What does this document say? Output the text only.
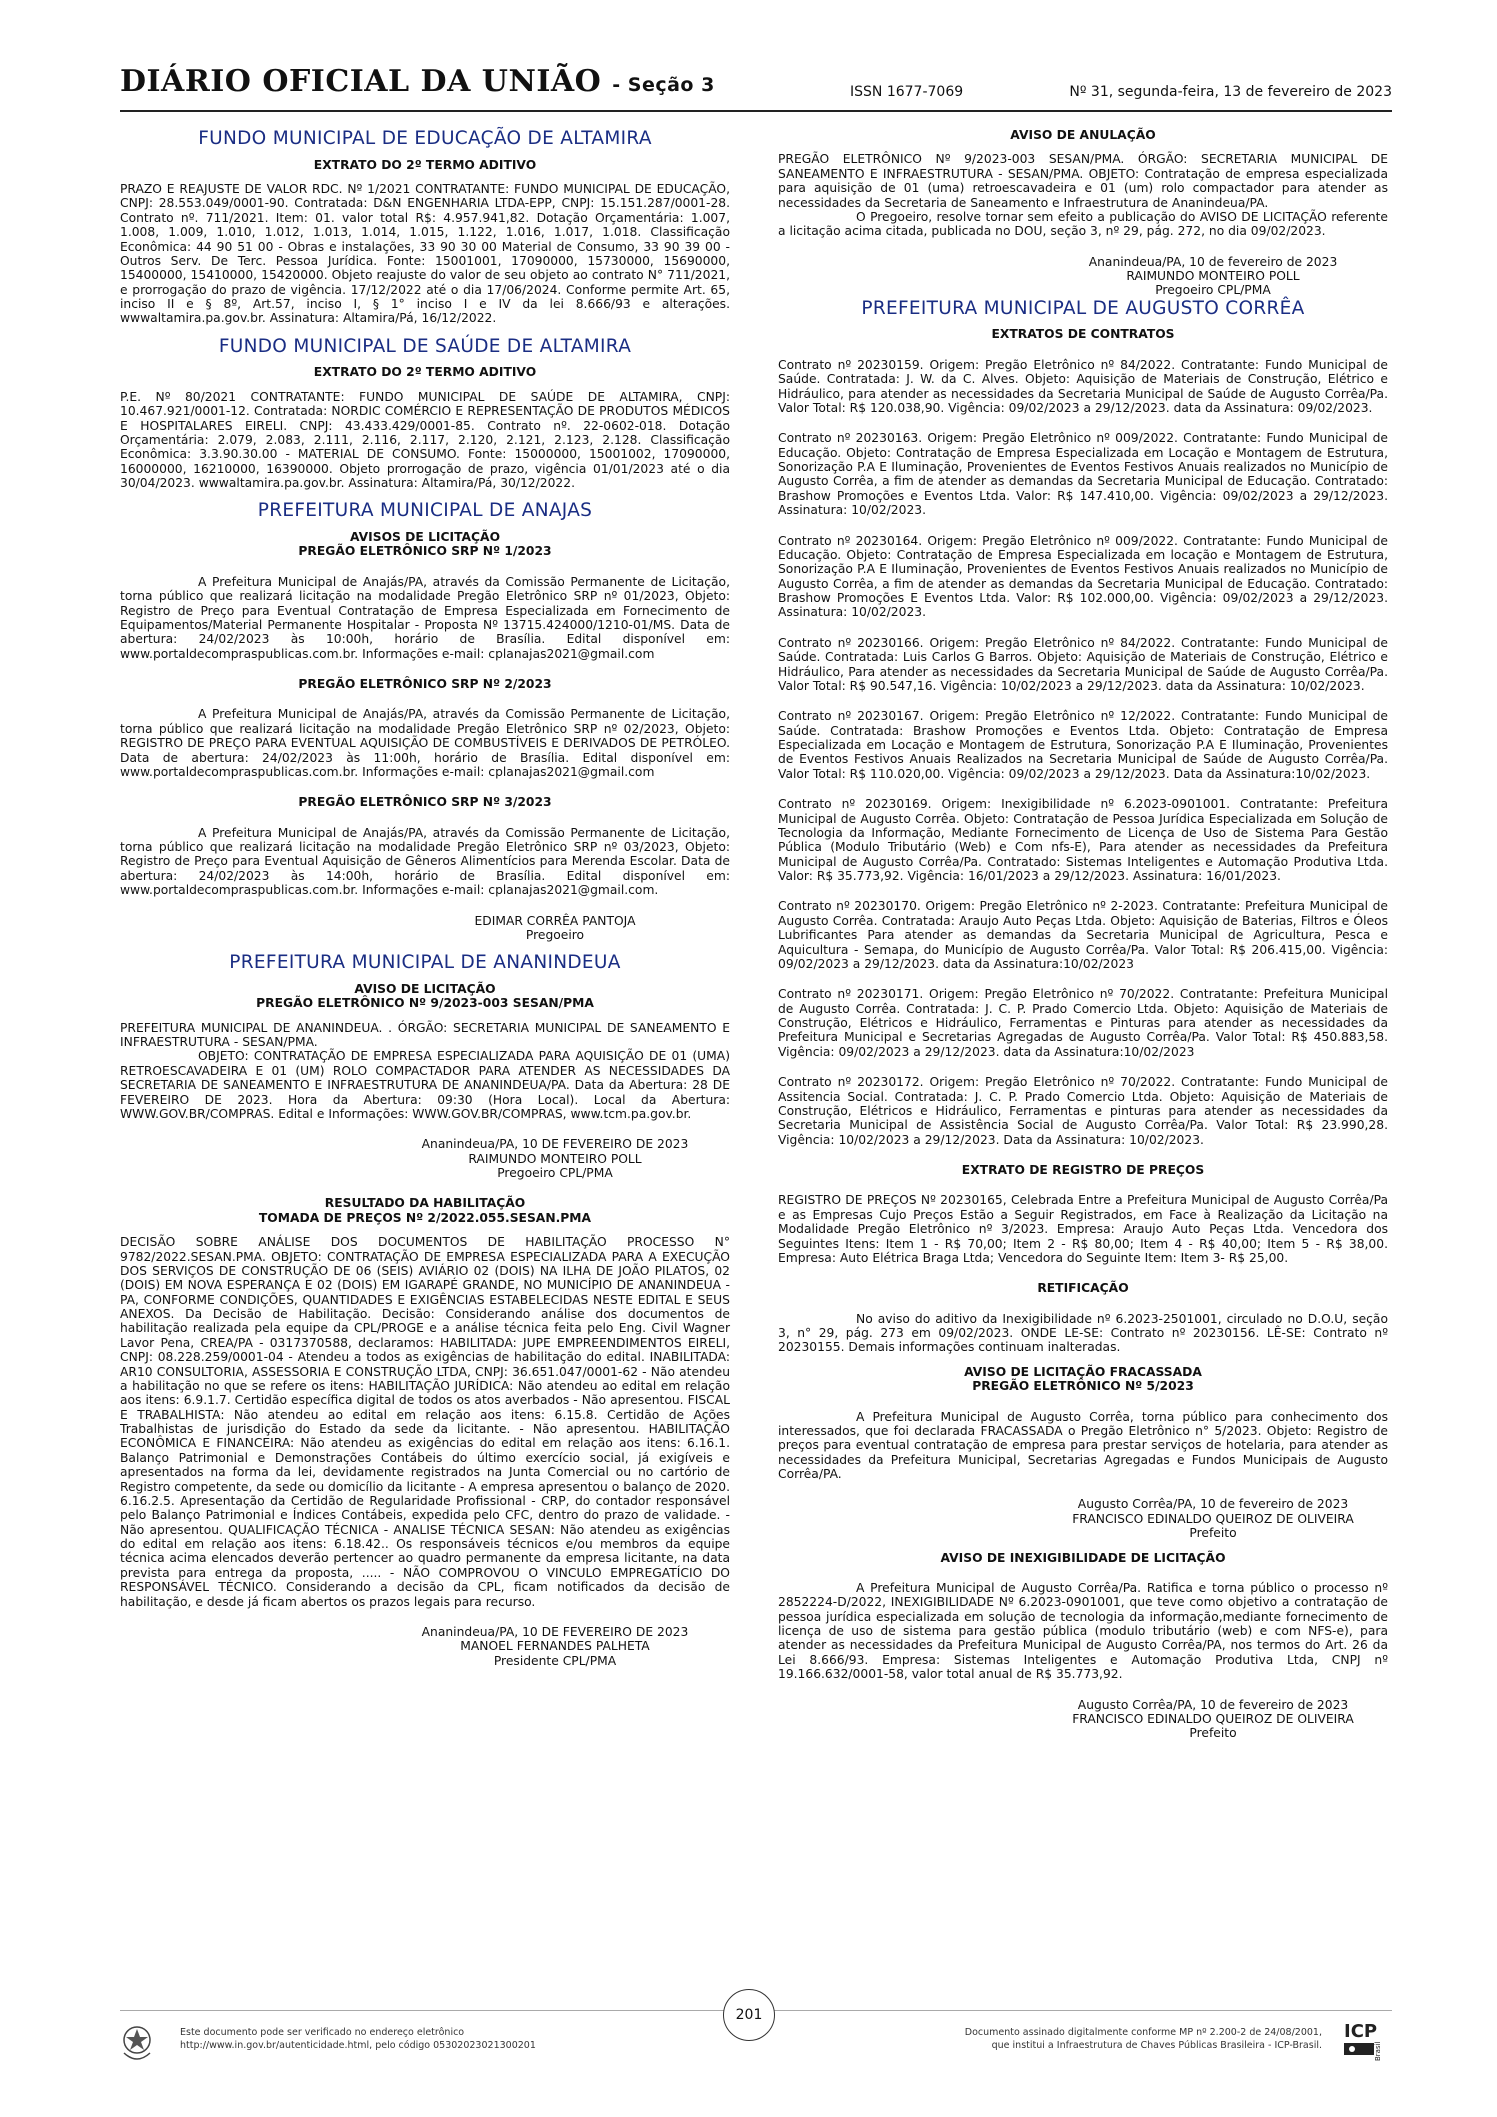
DIÁRIO OFICIAL DA UNIÃO - Seção 3	ISSN 1677-7069	Nº 31, segunda-feira, 13 de fevereiro de 2023
FUNDO MUNICIPAL DE EDUCAÇÃO DE ALTAMIRA
EXTRATO DO 2º TERMO ADITIVO

PRAZO E REAJUSTE DE VALOR RDC. Nº 1/2021 CONTRATANTE: FUNDO MUNICIPAL DE EDUCAÇÃO, CNPJ: 28.553.049/0001-90. Contratada: D&N ENGENHARIA LTDA-EPP, CNPJ: 15.151.287/0001-28. Contrato nº. 711/2021. Item: 01. valor total R$: 4.957.941,82. Dotação Orçamentária: 1.007, 1.008, 1.009, 1.010, 1.012, 1.013, 1.014, 1.015, 1.122, 1.016, 1.017, 1.018. Classificação Econômica: 44 90 51 00 - Obras e instalações, 33 90 30 00 Material de Consumo, 33 90 39 00 - Outros Serv. De Terc. Pessoa Jurídica. Fonte: 15001001, 17090000, 15730000, 15690000, 15400000, 15410000, 15420000. Objeto reajuste do valor de seu objeto ao contrato N° 711/2021, e prorrogação do prazo de vigência. 17/12/2022 até o dia 17/06/2024. Conforme permite Art. 65, inciso II e § 8º, Art.57, inciso I, § 1° inciso I e IV da lei 8.666/93 e alterações. wwwaltamira.pa.gov.br. Assinatura: Altamira/Pá, 16/12/2022.

FUNDO MUNICIPAL DE SAÚDE DE ALTAMIRA
EXTRATO DO 2º TERMO ADITIVO

P.E. Nº 80/2021 CONTRATANTE: FUNDO MUNICIPAL DE SAÚDE DE ALTAMIRA, CNPJ: 10.467.921/0001-12. Contratada: NORDIC COMÉRCIO E REPRESENTAÇÃO DE PRODUTOS MÉDICOS E HOSPITALARES EIRELI. CNPJ: 43.433.429/0001-85. Contrato nº. 22-0602-018. Dotação Orçamentária: 2.079, 2.083, 2.111, 2.116, 2.117, 2.120, 2.121, 2.123, 2.128. Classificação Econômica: 3.3.90.30.00 - MATERIAL DE CONSUMO. Fonte: 15000000, 15001002, 17090000, 16000000, 16210000, 16390000. Objeto prorrogação de prazo, vigência 01/01/2023 até o dia 30/04/2023. wwwaltamira.pa.gov.br. Assinatura: Altamira/Pá, 30/12/2022.

PREFEITURA MUNICIPAL DE ANAJAS
AVISOS DE LICITAÇÃO
PREGÃO ELETRÔNICO SRP Nº 1/2023

A Prefeitura Municipal de Anajás/PA, através da Comissão Permanente de Licitação, torna público que realizará licitação na modalidade Pregão Eletrônico SRP nº 01/2023, Objeto: Registro de Preço para Eventual Contratação de Empresa Especializada em Fornecimento de Equipamentos/Material Permanente Hospitalar - Proposta Nº 13715.424000/1210-01/MS. Data de abertura: 24/02/2023 às 10:00h, horário de Brasília. Edital disponível em: www.portaldecompraspublicas.com.br. Informações e-mail: cplanajas2021@gmail.com

PREGÃO ELETRÔNICO SRP Nº 2/2023

A Prefeitura Municipal de Anajás/PA, através da Comissão Permanente de Licitação, torna público que realizará licitação na modalidade Pregão Eletrônico SRP nº 02/2023, Objeto: REGISTRO DE PREÇO PARA EVENTUAL AQUISIÇÃO DE COMBUSTÍVEIS E DERIVADOS DE PETRÓLEO. Data de abertura: 24/02/2023 às 11:00h, horário de Brasília. Edital disponível em: www.portaldecompraspublicas.com.br. Informações e-mail: cplanajas2021@gmail.com

PREGÃO ELETRÔNICO SRP Nº 3/2023

A Prefeitura Municipal de Anajás/PA, através da Comissão Permanente de Licitação, torna público que realizará licitação na modalidade Pregão Eletrônico SRP nº 03/2023, Objeto: Registro de Preço para Eventual Aquisição de Gêneros Alimentícios para Merenda Escolar. Data de abertura: 24/02/2023 às 14:00h, horário de Brasília. Edital disponível em: www.portaldecompraspublicas.com.br. Informações e-mail: cplanajas2021@gmail.com.

EDIMAR CORRÊA PANTOJA
Pregoeiro
PREFEITURA MUNICIPAL DE ANANINDEUA
AVISO DE LICITAÇÃO
PREGÃO ELETRÔNICO Nº 9/2023-003 SESAN/PMA

PREFEITURA MUNICIPAL DE ANANINDEUA. . ÓRGÃO: SECRETARIA MUNICIPAL DE SANEAMENTO E INFRAESTRUTURA - SESAN/PMA.

OBJETO: CONTRATAÇÃO DE EMPRESA ESPECIALIZADA PARA AQUISIÇÃO DE 01 (UMA) RETROESCAVADEIRA E 01 (UM) ROLO COMPACTADOR PARA ATENDER AS NECESSIDADES DA SECRETARIA DE SANEAMENTO E INFRAESTRUTURA DE ANANINDEUA/PA. Data da Abertura: 28 DE FEVEREIRO DE 2023. Hora da Abertura: 09:30 (Hora Local). Local da Abertura: WWW.GOV.BR/COMPRAS. Edital e Informações: WWW.GOV.BR/COMPRAS, www.tcm.pa.gov.br.

Ananindeua/PA, 10 DE FEVEREIRO DE 2023
RAIMUNDO MONTEIRO POLL
Pregoeiro CPL/PMA
RESULTADO DA HABILITAÇÃO
TOMADA DE PREÇOS Nº 2/2022.055.SESAN.PMA

DECISÃO SOBRE ANÁLISE DOS DOCUMENTOS DE HABILITAÇÃO PROCESSO N° 9782/2022.SESAN.PMA. OBJETO: CONTRATAÇÃO DE EMPRESA ESPECIALIZADA PARA A EXECUÇÃO DOS SERVIÇOS DE CONSTRUÇÃO DE 06 (SEIS) AVIÁRIO 02 (DOIS) NA ILHA DE JOÃO PILATOS, 02 (DOIS) EM NOVA ESPERANÇA E 02 (DOIS) EM IGARAPÉ GRANDE, NO MUNICÍPIO DE ANANINDEUA - PA, CONFORME CONDIÇÕES, QUANTIDADES E EXIGÊNCIAS ESTABELECIDAS NESTE EDITAL E SEUS ANEXOS. Da Decisão de Habilitação. Decisão: Considerando análise dos documentos de habilitação realizada pela equipe da CPL/PROGE e a análise técnica feita pelo Eng. Civil Wagner Lavor Pena, CREA/PA - 0317370588, declaramos: HABILITADA: JUPE EMPREENDIMENTOS EIRELI, CNPJ: 08.228.259/0001-04 - Atendeu a todos as exigências de habilitação do edital. INABILITADA: AR10 CONSULTORIA, ASSESSORIA E CONSTRUÇÃO LTDA, CNPJ: 36.651.047/0001-62 - Não atendeu a habilitação no que se refere os itens: HABILITAÇÃO JURÍDICA: Não atendeu ao edital em relação aos itens: 6.9.1.7. Certidão específica digital de todos os atos averbados - Não apresentou. FISCAL E TRABALHISTA: Não atendeu ao edital em relação aos itens: 6.15.8. Certidão de Ações Trabalhistas de jurisdição do Estado da sede da licitante. - Não apresentou. HABILITAÇÃO ECONÔMICA E FINANCEIRA: Não atendeu as exigências do edital em relação aos itens: 6.16.1. Balanço Patrimonial e Demonstrações Contábeis do último exercício social, já exigíveis e apresentados na forma da lei, devidamente registrados na Junta Comercial ou no cartório de Registro competente, da sede ou domicílio da licitante - A empresa apresentou o balanço de 2020. 6.16.2.5. Apresentação da Certidão de Regularidade Profissional - CRP, do contador responsável pelo Balanço Patrimonial e Índices Contábeis, expedida pelo CFC, dentro do prazo de validade. - Não apresentou. QUALIFICAÇÃO TÉCNICA - ANALISE TÉCNICA SESAN: Não atendeu as exigências do edital em relação aos itens: 6.18.42.. Os responsáveis técnicos e/ou membros da equipe técnica acima elencados deverão pertencer ao quadro permanente da empresa licitante, na data prevista para entrega da proposta, ..... - NÃO COMPROVOU O VINCULO EMPREGATÍCIO DO RESPONSÁVEL TÉCNICO. Considerando a decisão da CPL, ficam notificados da decisão de habilitação, e desde já ficam abertos os prazos legais para recurso.

Ananindeua/PA, 10 DE FEVEREIRO DE 2023
MANOEL FERNANDES PALHETA
Presidente CPL/PMA
AVISO DE ANULAÇÃO

PREGÃO ELETRÔNICO Nº 9/2023-003 SESAN/PMA. ÓRGÃO: SECRETARIA MUNICIPAL DE SANEAMENTO E INFRAESTRUTURA - SESAN/PMA. OBJETO: Contratação de empresa especializada para aquisição de 01 (uma) retroescavadeira e 01 (um) rolo compactador para atender as necessidades da Secretaria de Saneamento e Infraestrutura de Ananindeua/PA.

O Pregoeiro, resolve tornar sem efeito a publicação do AVISO DE LICITAÇÃO referente a licitação acima citada, publicada no DOU, seção 3, nº 29, pág. 272, no dia 09/02/2023.

Ananindeua/PA, 10 de fevereiro de 2023
RAIMUNDO MONTEIRO POLL
Pregoeiro CPL/PMA
PREFEITURA MUNICIPAL DE AUGUSTO CORRÊA
EXTRATOS DE CONTRATOS

Contrato nº 20230159. Origem: Pregão Eletrônico nº 84/2022. Contratante: Fundo Municipal de Saúde. Contratada: J. W. da C. Alves. Objeto: Aquisição de Materiais de Construção, Elétrico e Hidráulico, para atender as necessidades da Secretaria Municipal de Saúde de Augusto Corrêa/Pa. Valor Total: R$ 120.038,90. Vigência: 09/02/2023 a 29/12/2023. data da Assinatura: 09/02/2023.

Contrato nº 20230163. Origem: Pregão Eletrônico nº 009/2022. Contratante: Fundo Municipal de Educação. Objeto: Contratação de Empresa Especializada em Locação e Montagem de Estrutura, Sonorização P.A E Iluminação, Provenientes de Eventos Festivos Anuais realizados no Município de Augusto Corrêa, a fim de atender as demandas da Secretaria Municipal de Educação. Contratado: Brashow Promoções e Eventos Ltda. Valor: R$ 147.410,00. Vigência: 09/02/2023 a 29/12/2023. Assinatura: 10/02/2023.

Contrato nº 20230164. Origem: Pregão Eletrônico nº 009/2022. Contratante: Fundo Municipal de Educação. Objeto: Contratação de Empresa Especializada em locação e Montagem de Estrutura, Sonorização P.A E Iluminação, Provenientes de Eventos Festivos Anuais realizados no Município de Augusto Corrêa, a fim de atender as demandas da Secretaria Municipal de Educação. Contratado: Brashow Promoções E Eventos Ltda. Valor: R$ 102.000,00. Vigência: 09/02/2023 a 29/12/2023. Assinatura: 10/02/2023.

Contrato nº 20230166. Origem: Pregão Eletrônico nº 84/2022. Contratante: Fundo Municipal de Saúde. Contratada: Luis Carlos G Barros. Objeto: Aquisição de Materiais de Construção, Elétrico e Hidráulico, Para atender as necessidades da Secretaria Municipal de Saúde de Augusto Corrêa/Pa. Valor Total: R$ 90.547,16. Vigência: 10/02/2023 a 29/12/2023. data da Assinatura: 10/02/2023.

Contrato nº 20230167. Origem: Pregão Eletrônico nº 12/2022. Contratante: Fundo Municipal de Saúde. Contratada: Brashow Promoções e Eventos Ltda. Objeto: Contratação de Empresa Especializada em Locação e Montagem de Estrutura, Sonorização P.A E Iluminação, Provenientes de Eventos Festivos Anuais Realizados na Secretaria Municipal de Saúde de Augusto Corrêa/Pa. Valor Total: R$ 110.020,00. Vigência: 09/02/2023 a 29/12/2023. Data da Assinatura:10/02/2023.

Contrato nº 20230169. Origem: Inexigibilidade nº 6.2023-0901001. Contratante: Prefeitura Municipal de Augusto Corrêa. Objeto: Contratação de Pessoa Jurídica Especializada em Solução de Tecnologia da Informação, Mediante Fornecimento de Licença de Uso de Sistema Para Gestão Pública (Modulo Tributário (Web) e Com nfs-E), Para atender as necessidades da Prefeitura Municipal de Augusto Corrêa/Pa. Contratado: Sistemas Inteligentes e Automação Produtiva Ltda. Valor: R$ 35.773,92. Vigência: 16/01/2023 a 29/12/2023. Assinatura: 16/01/2023.

Contrato nº 20230170. Origem: Pregão Eletrônico nº 2-2023. Contratante: Prefeitura Municipal de Augusto Corrêa. Contratada: Araujo Auto Peças Ltda. Objeto: Aquisição de Baterias, Filtros e Óleos Lubrificantes Para atender as demandas da Secretaria Municipal de Agricultura, Pesca e Aquicultura - Semapa, do Município de Augusto Corrêa/Pa. Valor Total: R$ 206.415,00. Vigência: 09/02/2023 a 29/12/2023. data da Assinatura:10/02/2023

Contrato nº 20230171. Origem: Pregão Eletrônico nº 70/2022. Contratante: Prefeitura Municipal de Augusto Corrêa. Contratada: J. C. P. Prado Comercio Ltda. Objeto: Aquisição de Materiais de Construção, Elétricos e Hidráulico, Ferramentas e Pinturas para atender as necessidades da Prefeitura Municipal e Secretarias Agregadas de Augusto Corrêa/Pa. Valor Total: R$ 450.883,58. Vigência: 09/02/2023 a 29/12/2023. data da Assinatura:10/02/2023

Contrato nº 20230172. Origem: Pregão Eletrônico nº 70/2022. Contratante: Fundo Municipal de Assitencia Social. Contratada: J. C. P. Prado Comercio Ltda. Objeto: Aquisição de Materiais de Construção, Elétricos e Hidráulico, Ferramentas e pinturas para atender as necessidades da Secretaria Municipal de Assistência Social de Augusto Corrêa/Pa. Valor Total: R$ 23.990,28. Vigência: 10/02/2023 a 29/12/2023. Data da Assinatura: 10/02/2023.

EXTRATO DE REGISTRO DE PREÇOS

REGISTRO DE PREÇOS Nº 20230165, Celebrada Entre a Prefeitura Municipal de Augusto Corrêa/Pa e as Empresas Cujo Preços Estão a Seguir Registrados, em Face à Realização da Licitação na Modalidade Pregão Eletrônico nº 3/2023. Empresa: Araujo Auto Peças Ltda. Vencedora dos Seguintes Itens: Item 1 - R$ 70,00; Item 2 - R$ 80,00; Item 4 - R$ 40,00; Item 5 - R$ 38,00. Empresa: Auto Elétrica Braga Ltda; Vencedora do Seguinte Item: Item 3- R$ 25,00.

RETIFICAÇÃO

No aviso do aditivo da Inexigibilidade nº 6.2023-2501001, circulado no D.O.U, seção 3, n° 29, pág. 273 em 09/02/2023. ONDE LE-SE: Contrato nº 20230156. LÊ-SE: Contrato nº 20230155. Demais informações continuam inalteradas.

AVISO DE LICITAÇÃO FRACASSADA
PREGÃO ELETRÔNICO Nº 5/2023

A Prefeitura Municipal de Augusto Corrêa, torna público para conhecimento dos interessados, que foi declarada FRACASSADA o Pregão Eletrônico n° 5/2023. Objeto: Registro de preços para eventual contratação de empresa para prestar serviços de hotelaria, para atender as necessidades da Prefeitura Municipal, Secretarias Agregadas e Fundos Municipais de Augusto Corrêa/PA.

Augusto Corrêa/PA, 10 de fevereiro de 2023
FRANCISCO EDINALDO QUEIROZ DE OLIVEIRA
Prefeito
AVISO DE INEXIGIBILIDADE DE LICITAÇÃO

A Prefeitura Municipal de Augusto Corrêa/Pa. Ratifica e torna público o processo nº 2852224-D/2022, INEXIGIBILIDADE Nº 6.2023-0901001, que teve como objetivo a contratação de pessoa jurídica especializada em solução de tecnologia da informação,mediante fornecimento de licença de uso de sistema para gestão pública (modulo tributário (web) e com NFS-e), para atender as necessidades da Prefeitura Municipal de Augusto Corrêa/PA, nos termos do Art. 26 da Lei 8.666/93. Empresa: Sistemas Inteligentes e Automação Produtiva Ltda, CNPJ nº 19.166.632/0001-58, valor total anual de R$ 35.773,92.

Augusto Corrêa/PA, 10 de fevereiro de 2023
FRANCISCO EDINALDO QUEIROZ DE OLIVEIRA
Prefeito
Este documento pode ser verificado no endereço eletrônico
http://www.in.gov.br/autenticidade.html, pelo código 05302023021300201
201
Documento assinado digitalmente conforme MP nº 2.200-2 de 24/08/2001,
que institui a Infraestrutura de Chaves Públicas Brasileira - ICP-Brasil.
ICP
Brasil
